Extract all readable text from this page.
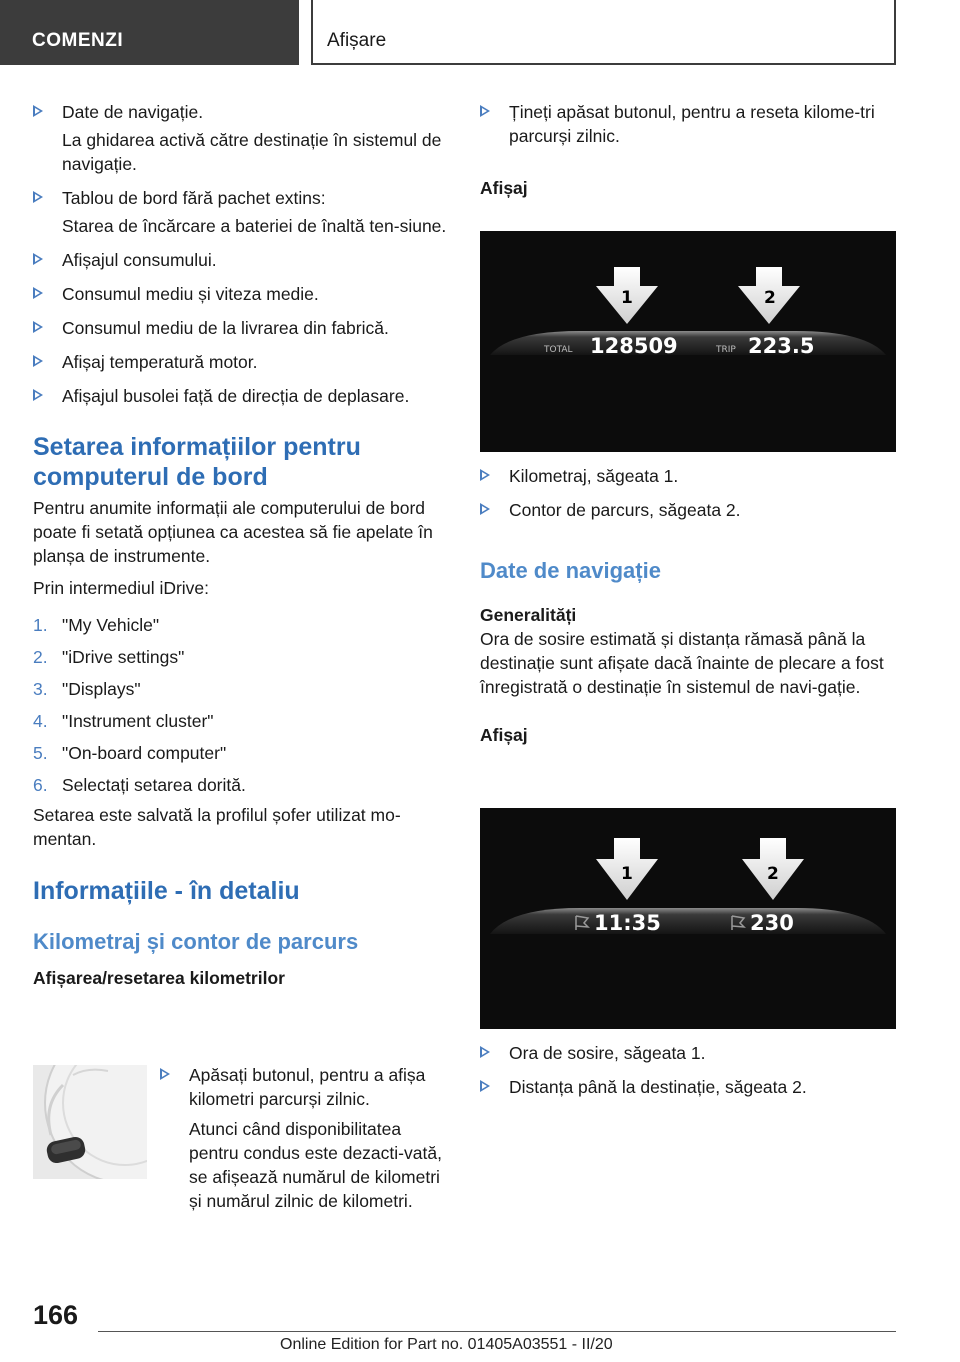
COMENZI	Afișare
Date de navigație.
La ghidarea activă către destinație în sistemul de navigație.
Tablou de bord fără pachet extins:
Starea de încărcare a bateriei de înaltă ten-siune.
Afișajul consumului.
Consumul mediu și viteza medie.
Consumul mediu de la livrarea din fabrică.
Afișaj temperatură motor.
Afișajul busolei față de direcția de deplasare.
Setarea informațiilor pentru computerul de bord

Pentru anumite informații ale computerului de bord poate fi setată opțiunea ca acestea să fie apelate în planșa de instrumente.

Prin intermediul iDrive:

1. "My Vehicle"
2. "iDrive settings"
3. "Displays"
4. "Instrument cluster"
5. "On-board computer"
6. Selectați setarea dorită.

Setarea este salvată la profilul șofer utilizat mo-mentan.

Informațiile - în detaliu
Kilometraj și contor de parcurs
Afișarea/resetarea kilometrilor
Apăsați butonul, pentru a afișa kilometri parcurși zilnic.
Atunci când disponibilitatea pentru condus este dezacti-vată, se afișează numărul de kilometri și numărul zilnic de kilometri.
Țineți apăsat butonul, pentru a reseta kilome-tri parcurși zilnic.
Afișaj
1	2
TOTAL 128509	TRIP 223.5
Kilometraj, săgeata 1.
Contor de parcurs, săgeata 2.
Date de navigație
Generalități

Ora de sosire estimată și distanța rămasă până la destinație sunt afișate dacă înainte de plecare a fost înregistrată o destinație în sistemul de navi-gație.

Afișaj
1	2
11:35	230
Ora de sosire, săgeata 1.
Distanța până la destinație, săgeata 2.
166
Online Edition for Part no. 01405A03551 - II/20
